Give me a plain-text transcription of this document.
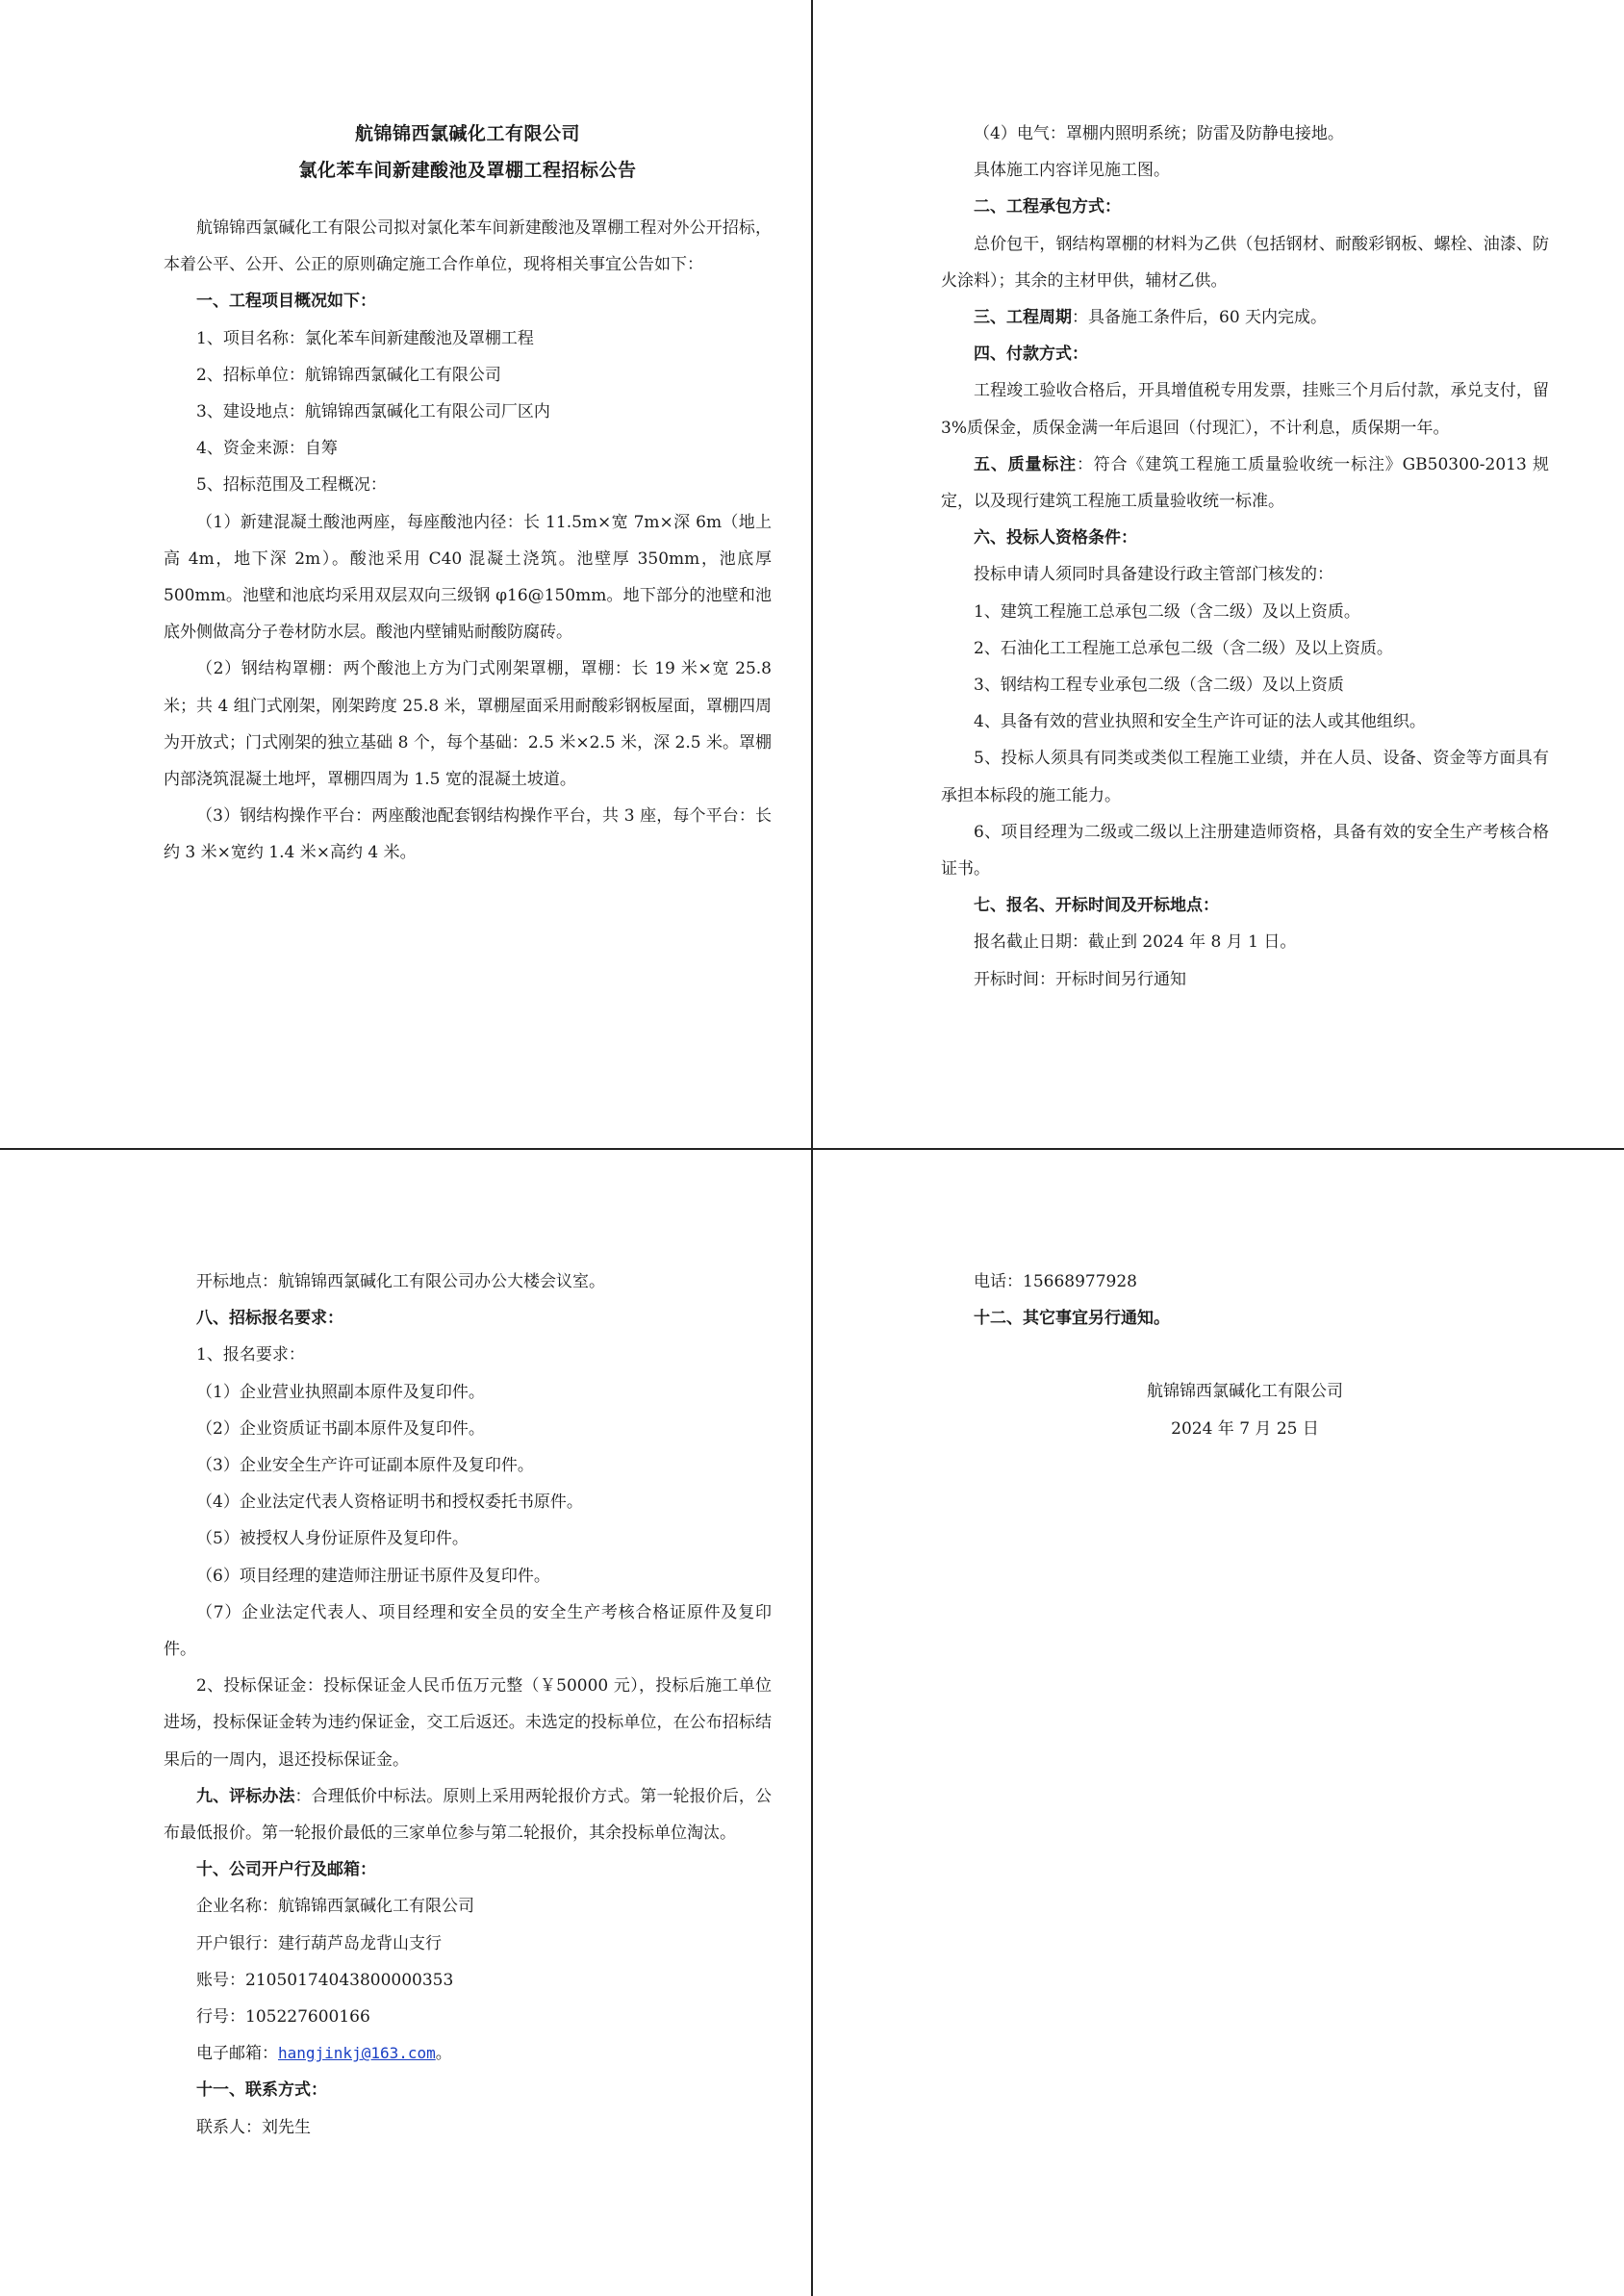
航锦锦西氯碱化工有限公司
氯化苯车间新建酸池及罩棚工程招标公告
航锦锦西氯碱化工有限公司拟对氯化苯车间新建酸池及罩棚工程对外公开招标，本着公平、公开、公正的原则确定施工合作单位，现将相关事宜公告如下：
一、工程项目概况如下：
1、项目名称：氯化苯车间新建酸池及罩棚工程
2、招标单位：航锦锦西氯碱化工有限公司
3、建设地点：航锦锦西氯碱化工有限公司厂区内
4、资金来源：自筹
5、招标范围及工程概况：
（1）新建混凝土酸池两座，每座酸池内径：长 11.5m×宽 7m×深 6m（地上高 4m，地下深 2m）。酸池采用 C40 混凝土浇筑。池壁厚 350mm，池底厚 500mm。池壁和池底均采用双层双向三级钢 φ16@150mm。地下部分的池壁和池底外侧做高分子卷材防水层。酸池内壁铺贴耐酸防腐砖。
（2）钢结构罩棚：两个酸池上方为门式刚架罩棚，罩棚：长 19 米×宽 25.8 米；共 4 组门式刚架，刚架跨度 25.8 米，罩棚屋面采用耐酸彩钢板屋面，罩棚四周为开放式；门式刚架的独立基础 8 个，每个基础：2.5 米×2.5 米，深 2.5 米。罩棚内部浇筑混凝土地坪，罩棚四周为 1.5 宽的混凝土坡道。
（3）钢结构操作平台：两座酸池配套钢结构操作平台，共 3 座，每个平台：长约 3 米×宽约 1.4 米×高约 4 米。
（4）电气：罩棚内照明系统；防雷及防静电接地。
具体施工内容详见施工图。
二、工程承包方式：
总价包干，钢结构罩棚的材料为乙供（包括钢材、耐酸彩钢板、螺栓、油漆、防火涂料）；其余的主材甲供，辅材乙供。
三、工程周期：具备施工条件后，60 天内完成。
四、付款方式：
工程竣工验收合格后，开具增值税专用发票，挂账三个月后付款，承兑支付，留 3%质保金，质保金满一年后退回（付现汇），不计利息，质保期一年。
五、质量标注：符合《建筑工程施工质量验收统一标注》GB50300-2013 规定，以及现行建筑工程施工质量验收统一标准。
六、投标人资格条件：
投标申请人须同时具备建设行政主管部门核发的：
1、建筑工程施工总承包二级（含二级）及以上资质。
2、石油化工工程施工总承包二级（含二级）及以上资质。
3、钢结构工程专业承包二级（含二级）及以上资质
4、具备有效的营业执照和安全生产许可证的法人或其他组织。
5、投标人须具有同类或类似工程施工业绩，并在人员、设备、资金等方面具有承担本标段的施工能力。
6、项目经理为二级或二级以上注册建造师资格，具备有效的安全生产考核合格证书。
七、报名、开标时间及开标地点：
报名截止日期：截止到 2024 年 8 月 1 日。
开标时间：开标时间另行通知
开标地点：航锦锦西氯碱化工有限公司办公大楼会议室。
八、招标报名要求：
1、报名要求：
（1）企业营业执照副本原件及复印件。
（2）企业资质证书副本原件及复印件。
（3）企业安全生产许可证副本原件及复印件。
（4）企业法定代表人资格证明书和授权委托书原件。
（5）被授权人身份证原件及复印件。
（6）项目经理的建造师注册证书原件及复印件。
（7）企业法定代表人、项目经理和安全员的安全生产考核合格证原件及复印件。
2、投标保证金：投标保证金人民币伍万元整（￥50000 元），投标后施工单位进场，投标保证金转为违约保证金，交工后返还。未选定的投标单位，在公布招标结果后的一周内，退还投标保证金。
九、评标办法：合理低价中标法。原则上采用两轮报价方式。第一轮报价后，公布最低报价。第一轮报价最低的三家单位参与第二轮报价，其余投标单位淘汰。
十、公司开户行及邮箱：
企业名称：航锦锦西氯碱化工有限公司
开户银行：建行葫芦岛龙背山支行
账号：21050174043800000353
行号：105227600166
电子邮箱：hangjinkj@163.com。
十一、联系方式：
联系人：刘先生
电话：15668977928
十二、其它事宜另行通知。
航锦锦西氯碱化工有限公司
2024 年 7 月 25 日
